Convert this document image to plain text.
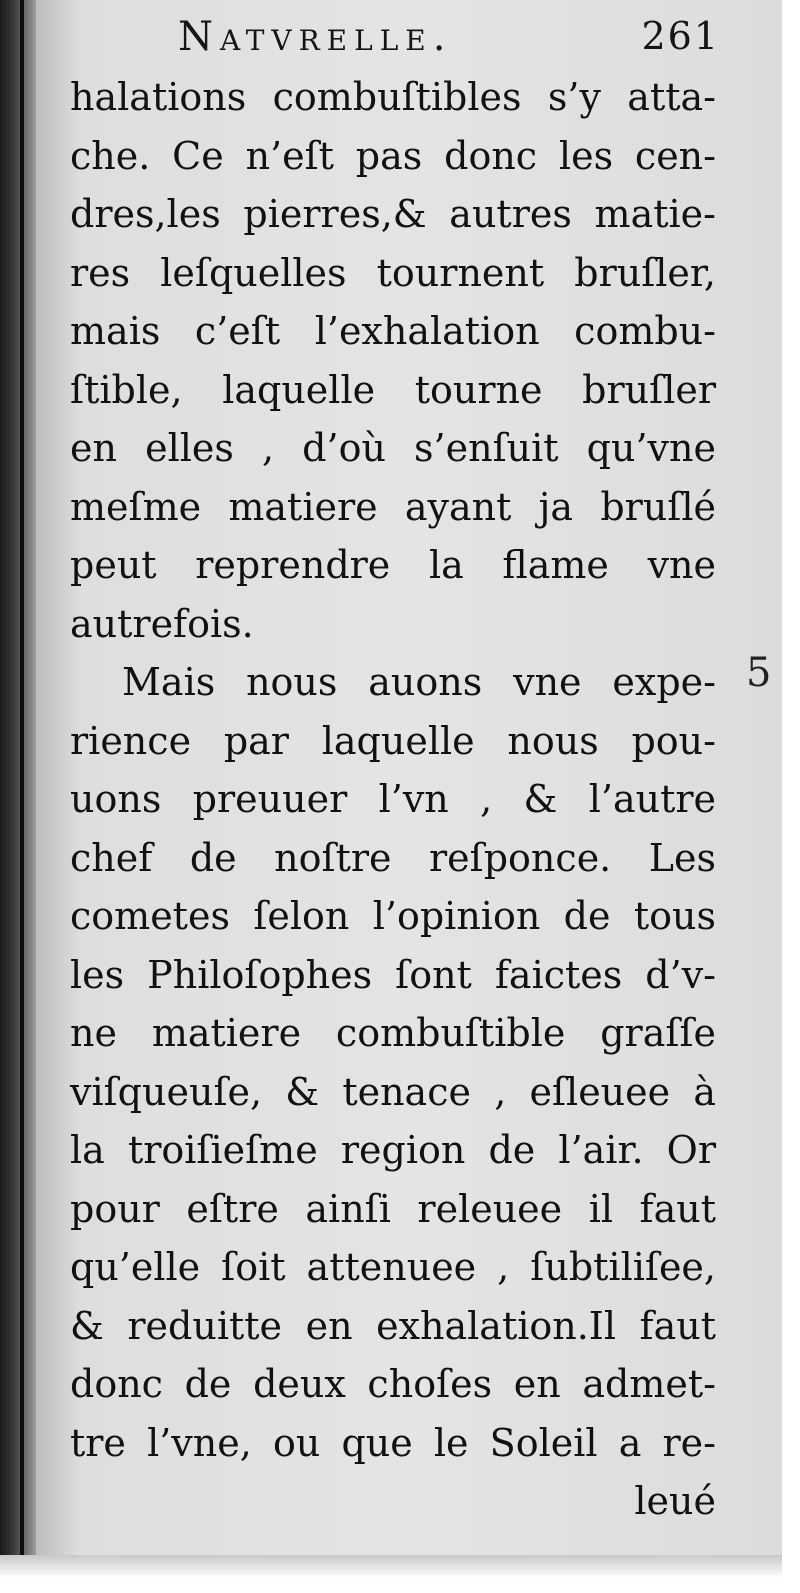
Natvrelle.	261
halations combuſtibles s’y atta-
che. Ce n’eſt pas donc les cen-
dres,les pierres,& autres matie-
res leſquelles tournent bruſler,
mais c’eſt l’exhalation combu-
ſtible, laquelle tourne bruſler
en elles , d’où s’enſuit qu’vne
meſme matiere ayant ja bruſlé
peut reprendre la flame vne
autrefois.
Mais nous auons vne expe-
rience par laquelle nous pou-
uons preuuer l’vn , & l’autre
chef de noſtre reſponce. Les
cometes ſelon l’opinion de tous
les Philoſophes ſont faictes d’v-
ne matiere combuſtible graſſe
viſqueuſe, & tenace , eſleuee à
la troiſieſme region de l’air. Or
pour eſtre ainſi releuee il faut
qu’elle ſoit attenuee , ſubtiliſee,
& reduitte en exhalation.Il faut
donc de deux choſes en admet-
tre l’vne, ou que le Soleil a re-
leué
5
